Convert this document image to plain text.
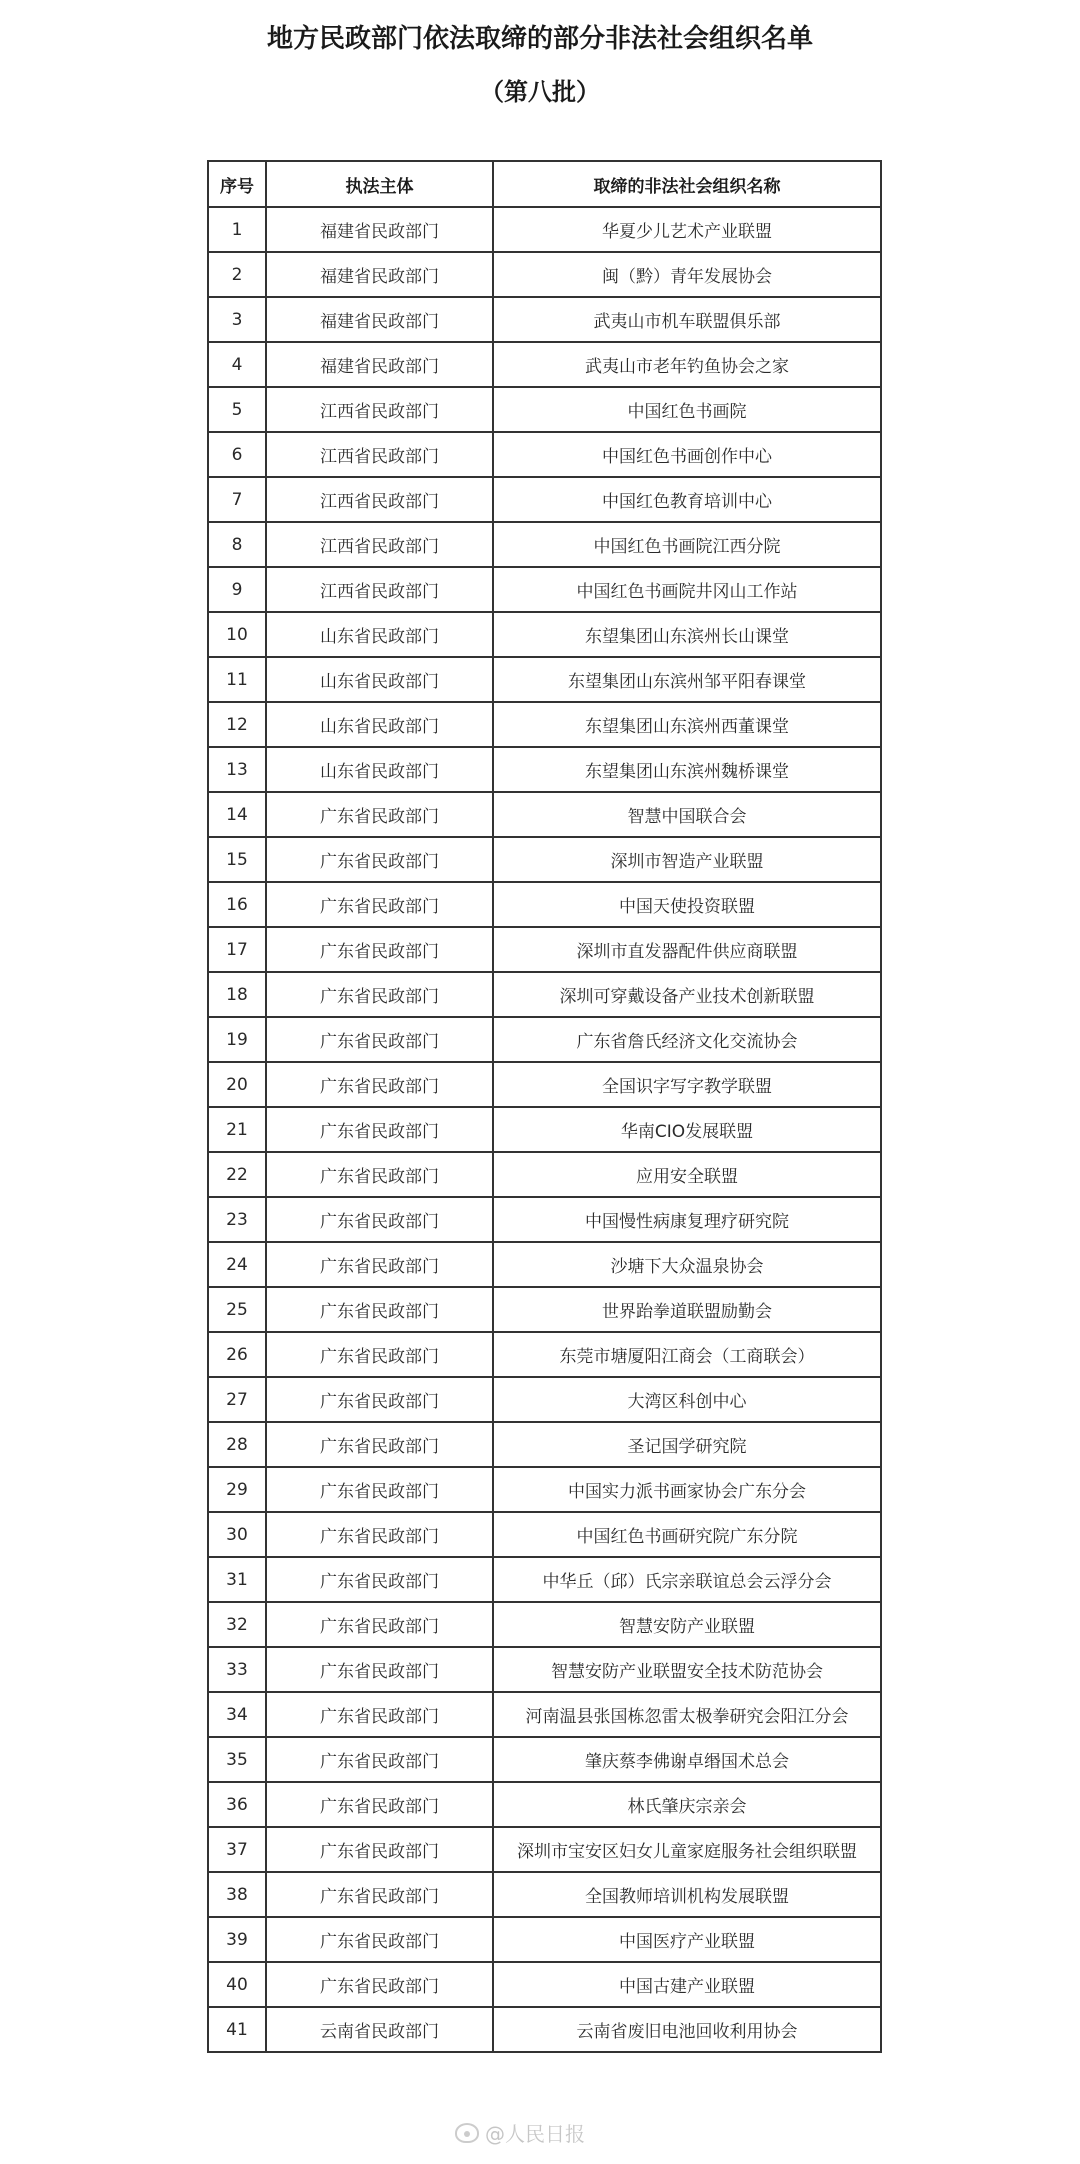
地方民政部门依法取缔的部分非法社会组织名单
（第八批）
序号	执法主体	取缔的非法社会组织名称
1	福建省民政部门	华夏少儿艺术产业联盟
2	福建省民政部门	闽（黔）青年发展协会
3	福建省民政部门	武夷山市机车联盟俱乐部
4	福建省民政部门	武夷山市老年钓鱼协会之家
5	江西省民政部门	中国红色书画院
6	江西省民政部门	中国红色书画创作中心
7	江西省民政部门	中国红色教育培训中心
8	江西省民政部门	中国红色书画院江西分院
9	江西省民政部门	中国红色书画院井冈山工作站
10	山东省民政部门	东望集团山东滨州长山课堂
11	山东省民政部门	东望集团山东滨州邹平阳春课堂
12	山东省民政部门	东望集团山东滨州西董课堂
13	山东省民政部门	东望集团山东滨州魏桥课堂
14	广东省民政部门	智慧中国联合会
15	广东省民政部门	深圳市智造产业联盟
16	广东省民政部门	中国天使投资联盟
17	广东省民政部门	深圳市直发器配件供应商联盟
18	广东省民政部门	深圳可穿戴设备产业技术创新联盟
19	广东省民政部门	广东省詹氏经济文化交流协会
20	广东省民政部门	全国识字写字教学联盟
21	广东省民政部门	华南CIO发展联盟
22	广东省民政部门	应用安全联盟
23	广东省民政部门	中国慢性病康复理疗研究院
24	广东省民政部门	沙塘下大众温泉协会
25	广东省民政部门	世界跆拳道联盟励勤会
26	广东省民政部门	东莞市塘厦阳江商会（工商联会）
27	广东省民政部门	大湾区科创中心
28	广东省民政部门	圣记国学研究院
29	广东省民政部门	中国实力派书画家协会广东分会
30	广东省民政部门	中国红色书画研究院广东分院
31	广东省民政部门	中华丘（邱）氏宗亲联谊总会云浮分会
32	广东省民政部门	智慧安防产业联盟
33	广东省民政部门	智慧安防产业联盟安全技术防范协会
34	广东省民政部门	河南温县张国栋忽雷太极拳研究会阳江分会
35	广东省民政部门	肇庆蔡李佛谢卓缗国术总会
36	广东省民政部门	林氏肇庆宗亲会
37	广东省民政部门	深圳市宝安区妇女儿童家庭服务社会组织联盟
38	广东省民政部门	全国教师培训机构发展联盟
39	广东省民政部门	中国医疗产业联盟
40	广东省民政部门	中国古建产业联盟
41	云南省民政部门	云南省废旧电池回收利用协会
@人民日报
